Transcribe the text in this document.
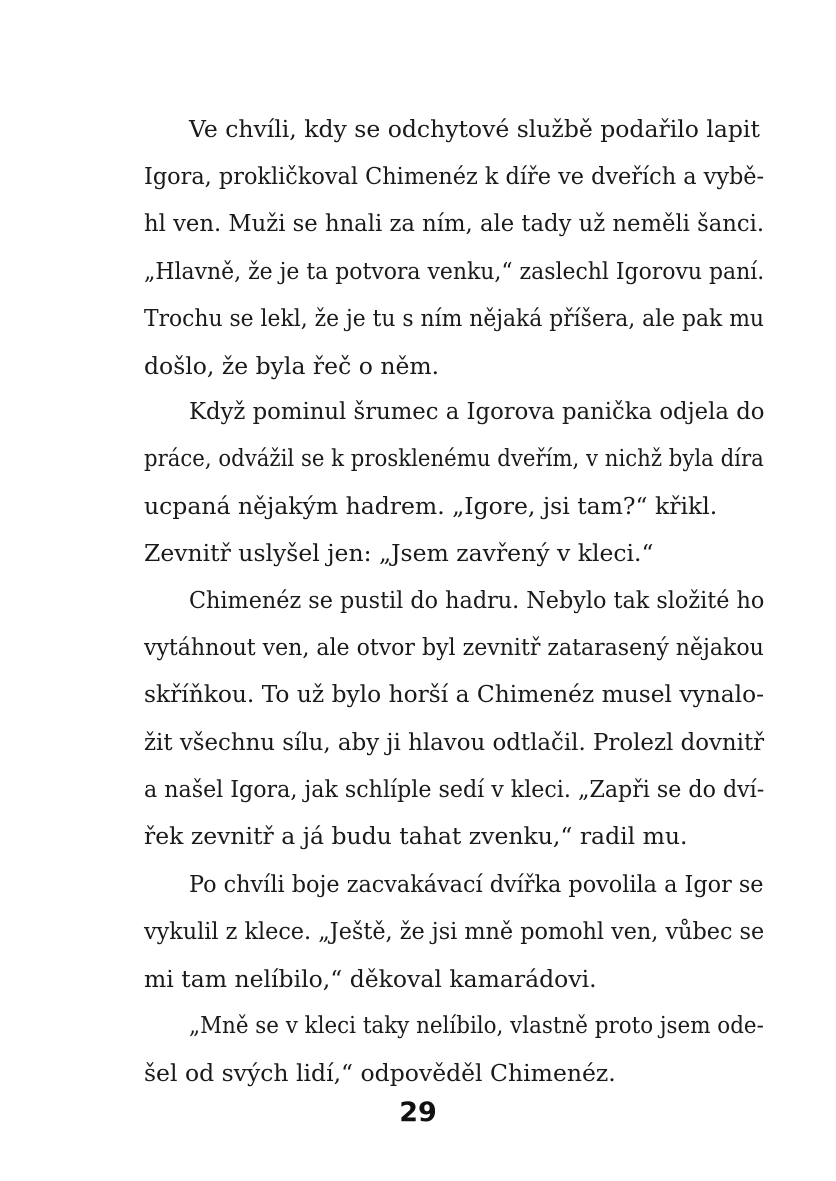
Ve chvíli, kdy se odchytové službě podařilo lapit
Igora, prokličkoval Chimenéz k díře ve dveřích a vybě-
hl ven. Muži se hnali za ním, ale tady už neměli šanci.
„Hlavně, že je ta potvora venku,“ zaslechl Igorovu paní.
Trochu se lekl, že je tu s ním nějaká příšera, ale pak mu
došlo, že byla řeč o něm.
Když pominul šrumec a Igorova panička odjela do
práce, odvážil se k prosklenému dveřím, v nichž byla díra
ucpaná nějakým hadrem. „Igore, jsi tam?“ křikl.
Zevnitř uslyšel jen: „Jsem zavřený v kleci.“
Chimenéz se pustil do hadru. Nebylo tak složité ho
vytáhnout ven, ale otvor byl zevnitř zatarasený nějakou
skříňkou. To už bylo horší a Chimenéz musel vynalo-
žit všechnu sílu, aby ji hlavou odtlačil. Prolezl dovnitř
a našel Igora, jak schlíple sedí v kleci. „Zapři se do dví-
řek zevnitř a já budu tahat zvenku,“ radil mu.
Po chvíli boje zacvakávací dvířka povolila a Igor se
vykulil z klece. „Ještě, že jsi mně pomohl ven, vůbec se
mi tam nelíbilo,“ děkoval kamarádovi.
„Mně se v kleci taky nelíbilo, vlastně proto jsem ode-
šel od svých lidí,“ odpověděl Chimenéz.
29
